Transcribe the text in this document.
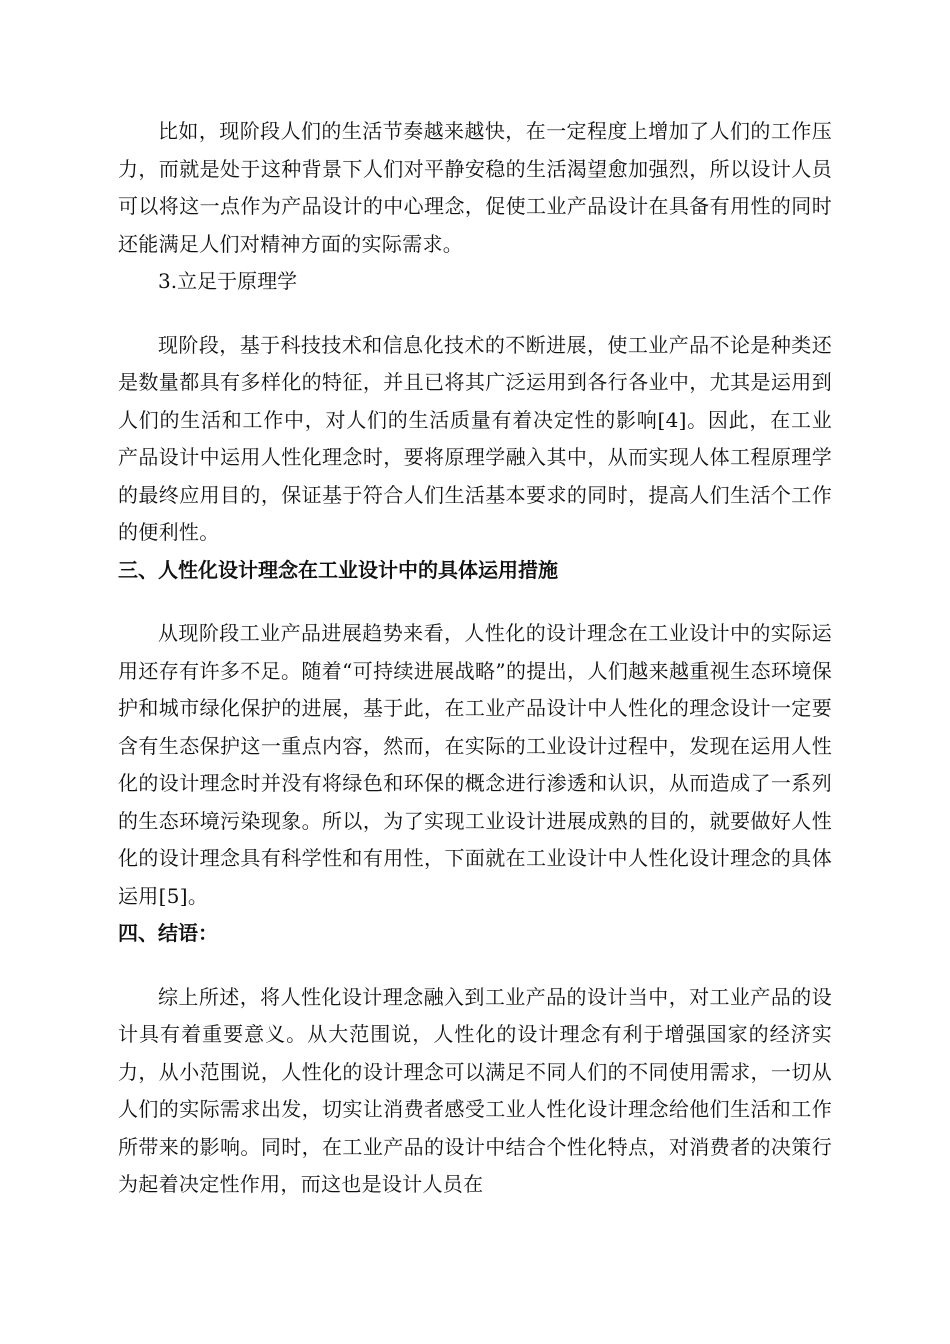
比如，现阶段人们的生活节奏越来越快，在一定程度上增加了人们的工作压力，而就是处于这种背景下人们对平静安稳的生活渴望愈加强烈，所以设计人员可以将这一点作为产品设计的中心理念，促使工业产品设计在具备有用性的同时还能满足人们对精神方面的实际需求。

3.立足于原理学

现阶段，基于科技技术和信息化技术的不断进展，使工业产品不论是种类还是数量都具有多样化的特征，并且已将其广泛运用到各行各业中，尤其是运用到人们的生活和工作中，对人们的生活质量有着决定性的影响[4]。因此，在工业产品设计中运用人性化理念时，要将原理学融入其中，从而实现人体工程原理学的最终应用目的，保证基于符合人们生活基本要求的同时，提高人们生活个工作的便利性。

三、人性化设计理念在工业设计中的具体运用措施

从现阶段工业产品进展趋势来看，人性化的设计理念在工业设计中的实际运用还存有许多不足。随着“可持续进展战略”的提出，人们越来越重视生态环境保护和城市绿化保护的进展，基于此，在工业产品设计中人性化的理念设计一定要含有生态保护这一重点内容，然而，在实际的工业设计过程中，发现在运用人性化的设计理念时并没有将绿色和环保的概念进行渗透和认识，从而造成了一系列的生态环境污染现象。所以，为了实现工业设计进展成熟的目的，就要做好人性化的设计理念具有科学性和有用性，下面就在工业设计中人性化设计理念的具体运用[5]。

四、结语：

综上所述，将人性化设计理念融入到工业产品的设计当中，对工业产品的设计具有着重要意义。从大范围说，人性化的设计理念有利于增强国家的经济实力，从小范围说，人性化的设计理念可以满足不同人们的不同使用需求，一切从人们的实际需求出发，切实让消费者感受工业人性化设计理念给他们生活和工作所带来的影响。同时，在工业产品的设计中结合个性化特点，对消费者的决策行为起着决定性作用，而这也是设计人员在
